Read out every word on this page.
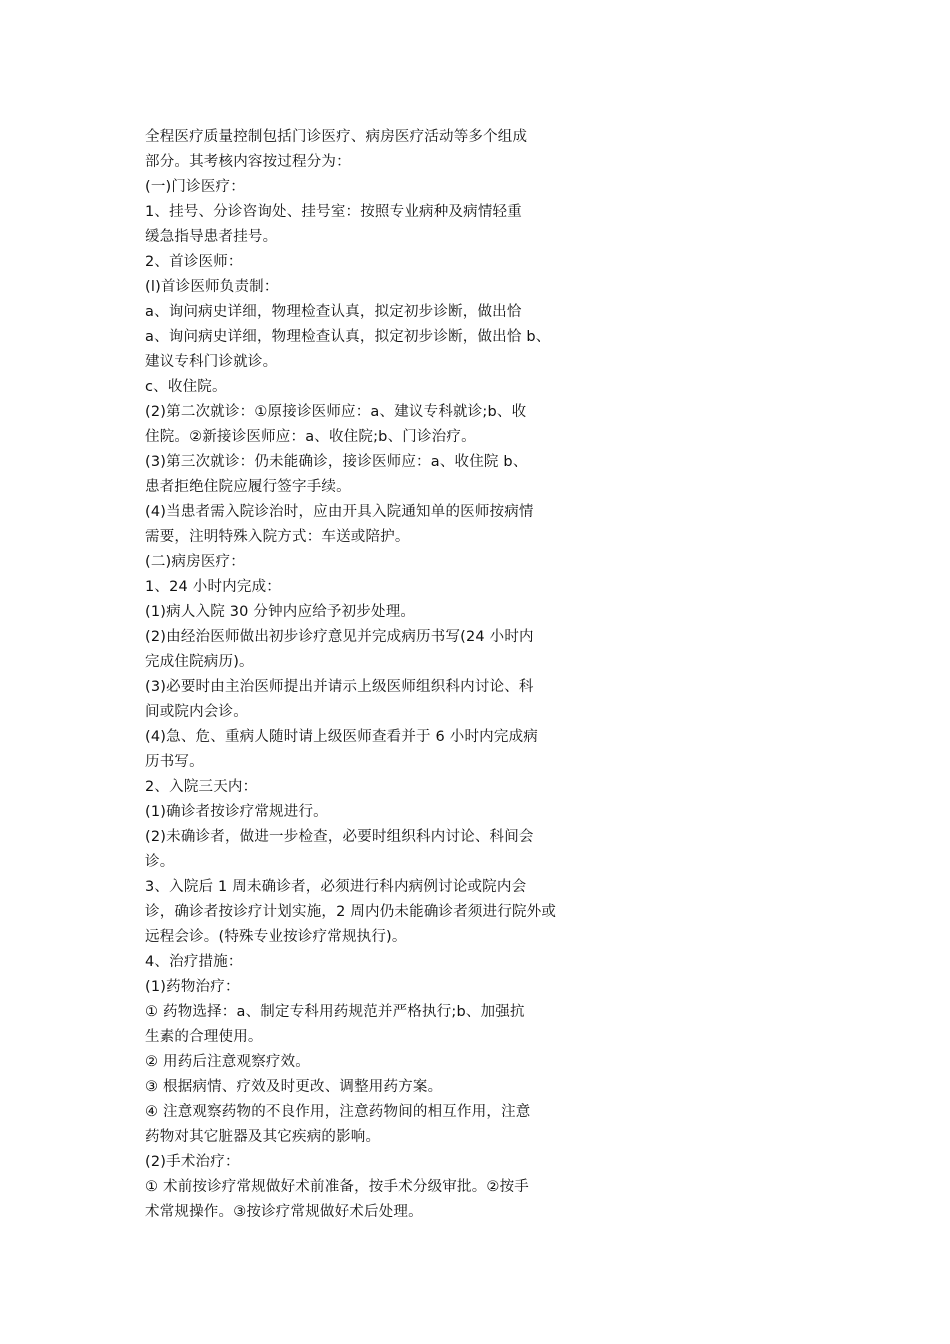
全程医疗质量控制包括门诊医疗、病房医疗活动等多个组成
部分。其考核内容按过程分为：
(一)门诊医疗：
1、挂号、分诊咨询处、挂号室：按照专业病种及病情轻重
缓急指导患者挂号。
2、首诊医师：
(l)首诊医师负责制：
a、询问病史详细，物理检查认真，拟定初步诊断，做出恰
a、询问病史详细，物理检查认真，拟定初步诊断，做出恰 b、
建议专科门诊就诊。
c、收住院。
(2)第二次就诊：①原接诊医师应：a、建议专科就诊;b、收
住院。②新接诊医师应：a、收住院;b、门诊治疗。
(3)第三次就诊：仍未能确诊，接诊医师应：a、收住院 b、
患者拒绝住院应履行签字手续。
(4)当患者需入院诊治时，应由开具入院通知单的医师按病情
需要，注明特殊入院方式：车送或陪护。
(二)病房医疗：
1、24 小时内完成：
(1)病人入院 30 分钟内应给予初步处理。
(2)由经治医师做出初步诊疗意见并完成病历书写(24 小时内
完成住院病历)。
(3)必要时由主治医师提出并请示上级医师组织科内讨论、科
间或院内会诊。
(4)急、危、重病人随时请上级医师查看并于 6 小时内完成病
历书写。
2、入院三天内：
(1)确诊者按诊疗常规进行。
(2)未确诊者，做进一步检查，必要时组织科内讨论、科间会
诊。
3、入院后 1 周未确诊者，必须进行科内病例讨论或院内会
诊，确诊者按诊疗计划实施，2 周内仍未能确诊者须进行院外或
远程会诊。(特殊专业按诊疗常规执行)。
4、治疗措施：
(1)药物治疗：
① 药物选择：a、制定专科用药规范并严格执行;b、加强抗
生素的合理使用。
② 用药后注意观察疗效。
③ 根据病情、疗效及时更改、调整用药方案。
④ 注意观察药物的不良作用，注意药物间的相互作用，注意
药物对其它脏器及其它疾病的影响。
(2)手术治疗：
① 术前按诊疗常规做好术前准备，按手术分级审批。②按手
术常规操作。③按诊疗常规做好术后处理。
